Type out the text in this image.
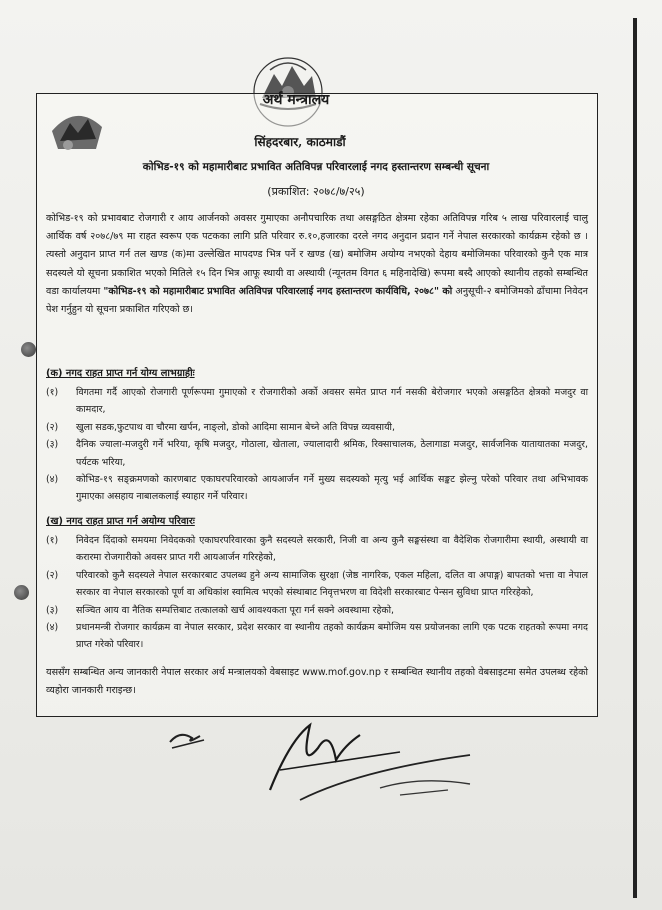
अर्थ मन्त्रालय
सिंहदरबार, काठमाडौं
कोभिड-१९ को महामारीबाट प्रभावित अतिविपन्न परिवारलाई नगद हस्तान्तरण सम्बन्धी सूचना
(प्रकाशित: २०७८/७/२५)

कोभिड-१९ को प्रभावबाट रोजगारी र आय आर्जनको अवसर गुमाएका अनौपचारिक तथा असङ्गठित क्षेत्रमा रहेका अतिविपन्न गरिब ५ लाख परिवारलाई चालु आर्थिक वर्ष २०७८/७९ मा राहत स्वरूप एक पटकका लागि प्रति परिवार रु.१०,हजारका दरले नगद अनुदान प्रदान गर्ने नेपाल सरकारको कार्यक्रम रहेको छ । त्यस्तो अनुदान प्राप्त गर्न तल खण्ड (क)मा उल्लेखित मापदण्ड भित्र पर्ने र खण्ड (ख) बमोजिम अयोग्य नभएको देहाय बमोजिमका परिवारको कुनै एक मात्र सदस्यले यो सूचना प्रकाशित भएको मितिले १५ दिन भित्र आफू स्थायी वा अस्थायी (न्यूनतम विगत ६ महिनादेखि) रूपमा बस्दै आएको स्थानीय तहको सम्बन्धित वडा कार्यालयमा "कोभिड-१९ को महामारीबाट प्रभावित अतिविपन्न परिवारलाई नगद हस्तान्तरण कार्यविधि, २०७८" को अनुसूची-२ बमोजिमको ढाँचामा निवेदन पेश गर्नुहुन यो सूचना प्रकाशित गरिएको छ।

(क) नगद राहत प्राप्त गर्न योग्य लाभग्राहीः

(१) विगतमा गर्दै आएको रोजगारी पूर्णरूपमा गुमाएको र रोजगारीको अर्को अवसर समेत प्राप्त गर्न नसकी बेरोजगार भएको असङ्गठित क्षेत्रको मजदुर वा कामदार,
(२) खुला सडक,फुटपाथ वा चौरमा खर्पन, नाङ्लो, डोको आदिमा सामान बेच्ने अति विपन्न व्यवसायी,
(३) दैनिक ज्याला-मजदुरी गर्ने भरिया, कृषि मजदुर, गोठाला, खेताला, ज्यालादारी श्रमिक, रिक्साचालक, ठेलागाडा मजदुर, सार्वजनिक यातायातका मजदुर, पर्यटक भरिया,
(४) कोभिड-१९ सङ्क्रमणको कारणबाट एकाघरपरिवारको आयआर्जन गर्ने मुख्य सदस्यको मृत्यु भई आर्थिक सङ्कट झेल्नु परेको परिवार तथा अभिभावक गुमाएका असहाय नाबालकलाई स्याहार गर्ने परिवार।

(ख) नगद राहत प्राप्त गर्न अयोग्य परिवारः

(१) निवेदन दिंदाको समयमा निवेदकको एकाघरपरिवारका कुनै सदस्यले सरकारी, निजी वा अन्य कुनै सङ्घसंस्था वा वैदेशिक रोजगारीमा स्थायी, अस्थायी वा करारमा रोजगारीको अवसर प्राप्त गरी आयआर्जन गरिरहेको,
(२) परिवारको कुनै सदस्यले नेपाल सरकारबाट उपलब्ध हुने अन्य सामाजिक सुरक्षा (जेष्ठ नागरिक, एकल महिला, दलित वा अपाङ्ग) बापतको भत्ता वा नेपाल सरकार वा नेपाल सरकारको पूर्ण वा अधिकांश स्वामित्व भएको संस्थाबाट निवृत्तभरण वा विदेशी सरकारबाट पेन्सन सुविधा प्राप्त गरिरहेको,
(३) सञ्चित आय वा नैतिक सम्पत्तिबाट तत्कालको खर्च आवश्यकता पूरा गर्न सक्ने अवस्थामा रहेको,
(४) प्रधानमन्त्री रोजगार कार्यक्रम वा नेपाल सरकार, प्रदेश सरकार वा स्थानीय तहको कार्यक्रम बमोजिम यस प्रयोजनका लागि एक पटक राहतको रूपमा नगद प्राप्त गरेको परिवार।

यससँग सम्बन्धित अन्य जानकारी नेपाल सरकार अर्थ मन्त्रालयको वेबसाइट www.mof.gov.np र सम्बन्धित स्थानीय तहको वेबसाइटमा समेत उपलब्ध रहेको व्यहोरा जानकारी गराइन्छ।
